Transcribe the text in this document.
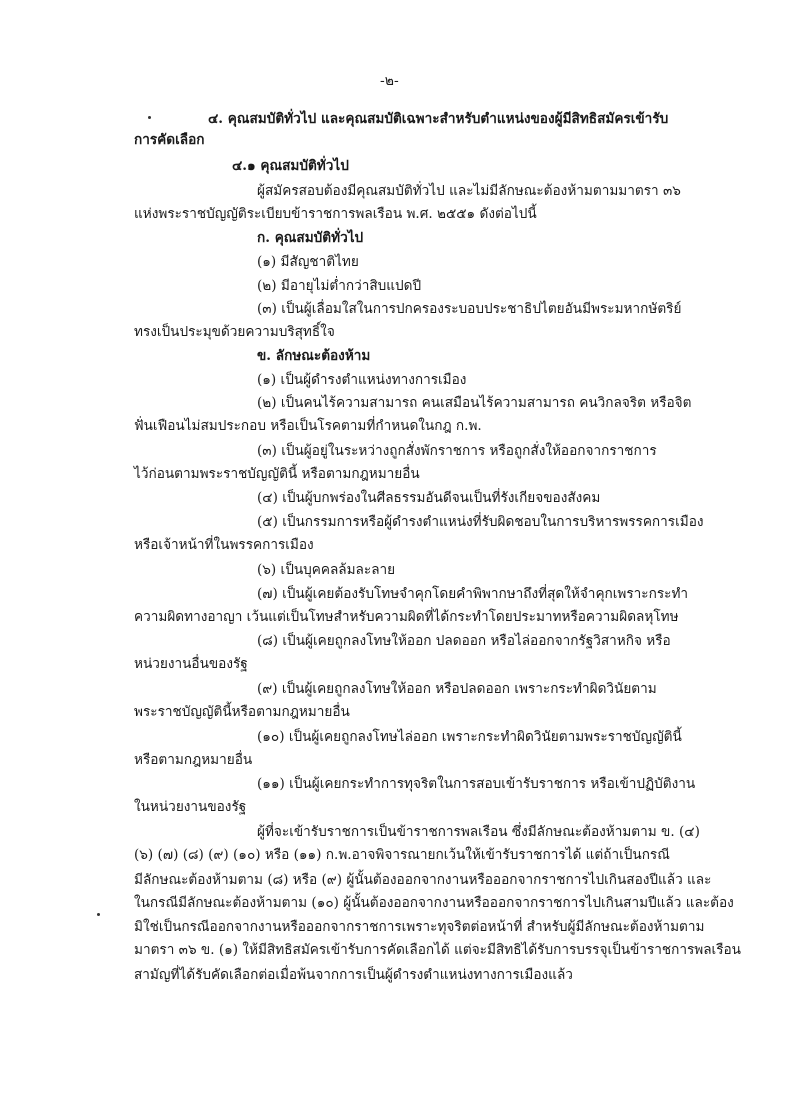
-๒-
๔. คุณสมบัติทั่วไป และคุณสมบัติเฉพาะสำหรับตำแหน่งของผู้มีสิทธิสมัครเข้ารับ
การคัดเลือก
๔.๑ คุณสมบัติทั่วไป
ผู้สมัครสอบต้องมีคุณสมบัติทั่วไป และไม่มีลักษณะต้องห้ามตามมาตรา ๓๖
แห่งพระราชบัญญัติระเบียบข้าราชการพลเรือน พ.ศ. ๒๕๕๑ ดังต่อไปนี้
ก. คุณสมบัติทั่วไป
(๑) มีสัญชาติไทย
(๒) มีอายุไม่ต่ำกว่าสิบแปดปี
(๓) เป็นผู้เลื่อมใสในการปกครองระบอบประชาธิปไตยอันมีพระมหากษัตริย์
ทรงเป็นประมุขด้วยความบริสุทธิ์ใจ
ข. ลักษณะต้องห้าม
(๑) เป็นผู้ดำรงตำแหน่งทางการเมือง
(๒) เป็นคนไร้ความสามารถ คนเสมือนไร้ความสามารถ คนวิกลจริต หรือจิต
ฟั่นเฟือนไม่สมประกอบ หรือเป็นโรคตามที่กำหนดในกฎ ก.พ.
(๓) เป็นผู้อยู่ในระหว่างถูกสั่งพักราชการ หรือถูกสั่งให้ออกจากราชการ
ไว้ก่อนตามพระราชบัญญัตินี้ หรือตามกฎหมายอื่น
(๔) เป็นผู้บกพร่องในศีลธรรมอันดีจนเป็นที่รังเกียจของสังคม
(๕) เป็นกรรมการหรือผู้ดำรงตำแหน่งที่รับผิดชอบในการบริหารพรรคการเมือง
หรือเจ้าหน้าที่ในพรรคการเมือง
(๖) เป็นบุคคลล้มละลาย
(๗) เป็นผู้เคยต้องรับโทษจำคุกโดยคำพิพากษาถึงที่สุดให้จำคุกเพราะกระทำ
ความผิดทางอาญา เว้นแต่เป็นโทษสำหรับความผิดที่ได้กระทำโดยประมาทหรือความผิดลหุโทษ
(๘) เป็นผู้เคยถูกลงโทษให้ออก ปลดออก หรือไล่ออกจากรัฐวิสาหกิจ หรือ
หน่วยงานอื่นของรัฐ
(๙) เป็นผู้เคยถูกลงโทษให้ออก หรือปลดออก เพราะกระทำผิดวินัยตาม
พระราชบัญญัตินี้หรือตามกฎหมายอื่น
(๑๐) เป็นผู้เคยถูกลงโทษไล่ออก เพราะกระทำผิดวินัยตามพระราชบัญญัตินี้
หรือตามกฎหมายอื่น
(๑๑) เป็นผู้เคยกระทำการทุจริตในการสอบเข้ารับราชการ หรือเข้าปฏิบัติงาน
ในหน่วยงานของรัฐ
ผู้ที่จะเข้ารับราชการเป็นข้าราชการพลเรือน ซึ่งมีลักษณะต้องห้ามตาม ข. (๔)
(๖) (๗) (๘) (๙) (๑๐) หรือ (๑๑) ก.พ.อาจพิจารณายกเว้นให้เข้ารับราชการได้ แต่ถ้าเป็นกรณี
มีลักษณะต้องห้ามตาม (๘) หรือ (๙) ผู้นั้นต้องออกจากงานหรือออกจากราชการไปเกินสองปีแล้ว และ
ในกรณีมีลักษณะต้องห้ามตาม (๑๐) ผู้นั้นต้องออกจากงานหรือออกจากราชการไปเกินสามปีแล้ว และต้อง
มิใช่เป็นกรณีออกจากงานหรือออกจากราชการเพราะทุจริตต่อหน้าที่ สำหรับผู้มีลักษณะต้องห้ามตาม
มาตรา ๓๖ ข. (๑) ให้มีสิทธิสมัครเข้ารับการคัดเลือกได้ แต่จะมีสิทธิได้รับการบรรจุเป็นข้าราชการพลเรือน
สามัญที่ได้รับคัดเลือกต่อเมื่อพ้นจากการเป็นผู้ดำรงตำแหน่งทางการเมืองแล้ว
